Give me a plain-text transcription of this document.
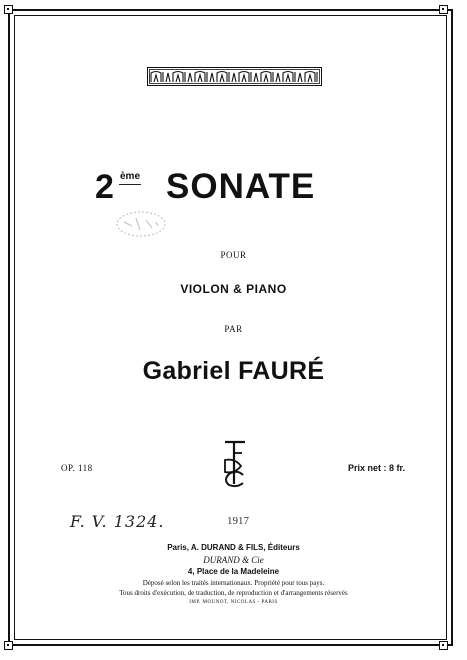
2 ème SONATE
POUR
VIOLON & PIANO
PAR
Gabriel FAURÉ
OP. 118	Prix net : 8 fr.
F. V. 1324.	1917
Paris, A. DURAND & FILS, Éditeurs
DURAND & Cie
4, Place de la Madeleine
Déposé selon les traités internationaux. Propriété pour tous pays.
Tous droits d'exécution, de traduction, de reproduction et d'arrangements réservés
IMP. MOUNOT, NICOLAS - PARIS
